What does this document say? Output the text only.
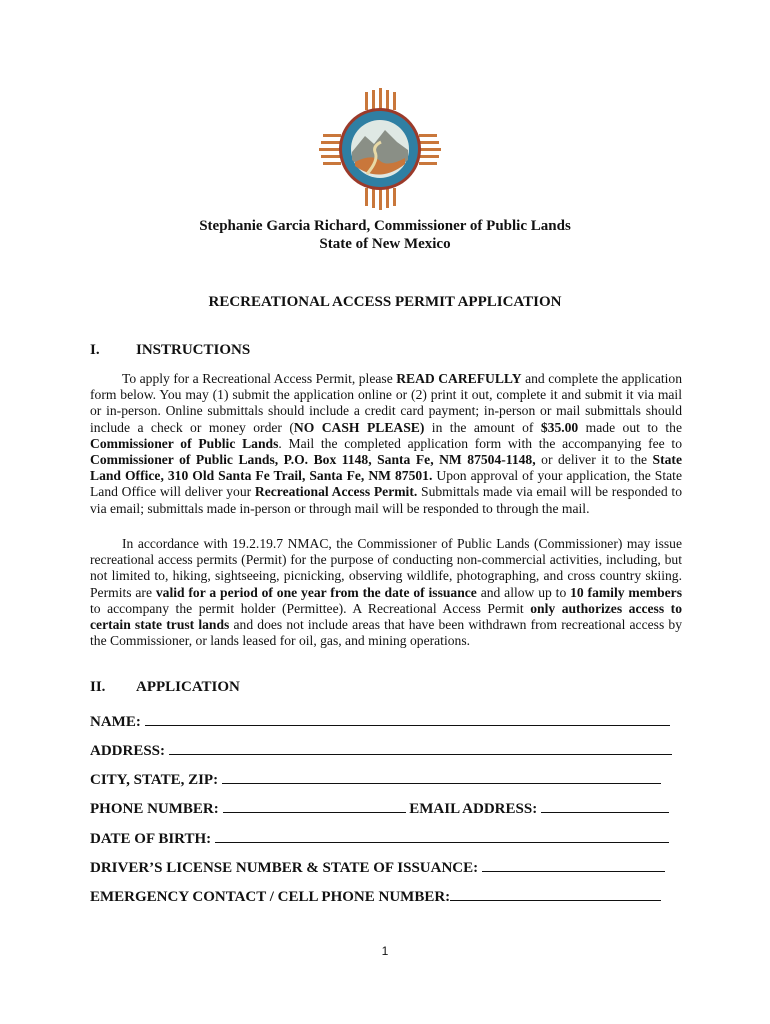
Stephanie Garcia Richard, Commissioner of Public Lands
State of New Mexico
RECREATIONAL ACCESS PERMIT APPLICATION
I. INSTRUCTIONS
To apply for a Recreational Access Permit, please READ CAREFULLY and complete the application form below. You may (1) submit the application online or (2) print it out, complete it and submit it via mail or in-person. Online submittals should include a credit card payment; in-person or mail submittals should include a check or money order (NO CASH PLEASE) in the amount of $35.00 made out to the Commissioner of Public Lands. Mail the completed application form with the accompanying fee to Commissioner of Public Lands, P.O. Box 1148, Santa Fe, NM 87504-1148, or deliver it to the State Land Office, 310 Old Santa Fe Trail, Santa Fe, NM 87501. Upon approval of your application, the State Land Office will deliver your Recreational Access Permit. Submittals made via email will be responded to via email; submittals made in-person or through mail will be responded to through the mail.
In accordance with 19.2.19.7 NMAC, the Commissioner of Public Lands (Commissioner) may issue recreational access permits (Permit) for the purpose of conducting non-commercial activities, including, but not limited to, hiking, sightseeing, picnicking, observing wildlife, photographing, and cross country skiing. Permits are valid for a period of one year from the date of issuance and allow up to 10 family members to accompany the permit holder (Permittee). A Recreational Access Permit only authorizes access to certain state trust lands and does not include areas that have been withdrawn from recreational access by the Commissioner, or lands leased for oil, gas, and mining operations.
II. APPLICATION
NAME:
ADDRESS:
CITY, STATE, ZIP:
PHONE NUMBER:	EMAIL ADDRESS:
DATE OF BIRTH:
DRIVER’S LICENSE NUMBER & STATE OF ISSUANCE:
EMERGENCY CONTACT / CELL PHONE NUMBER:
1
